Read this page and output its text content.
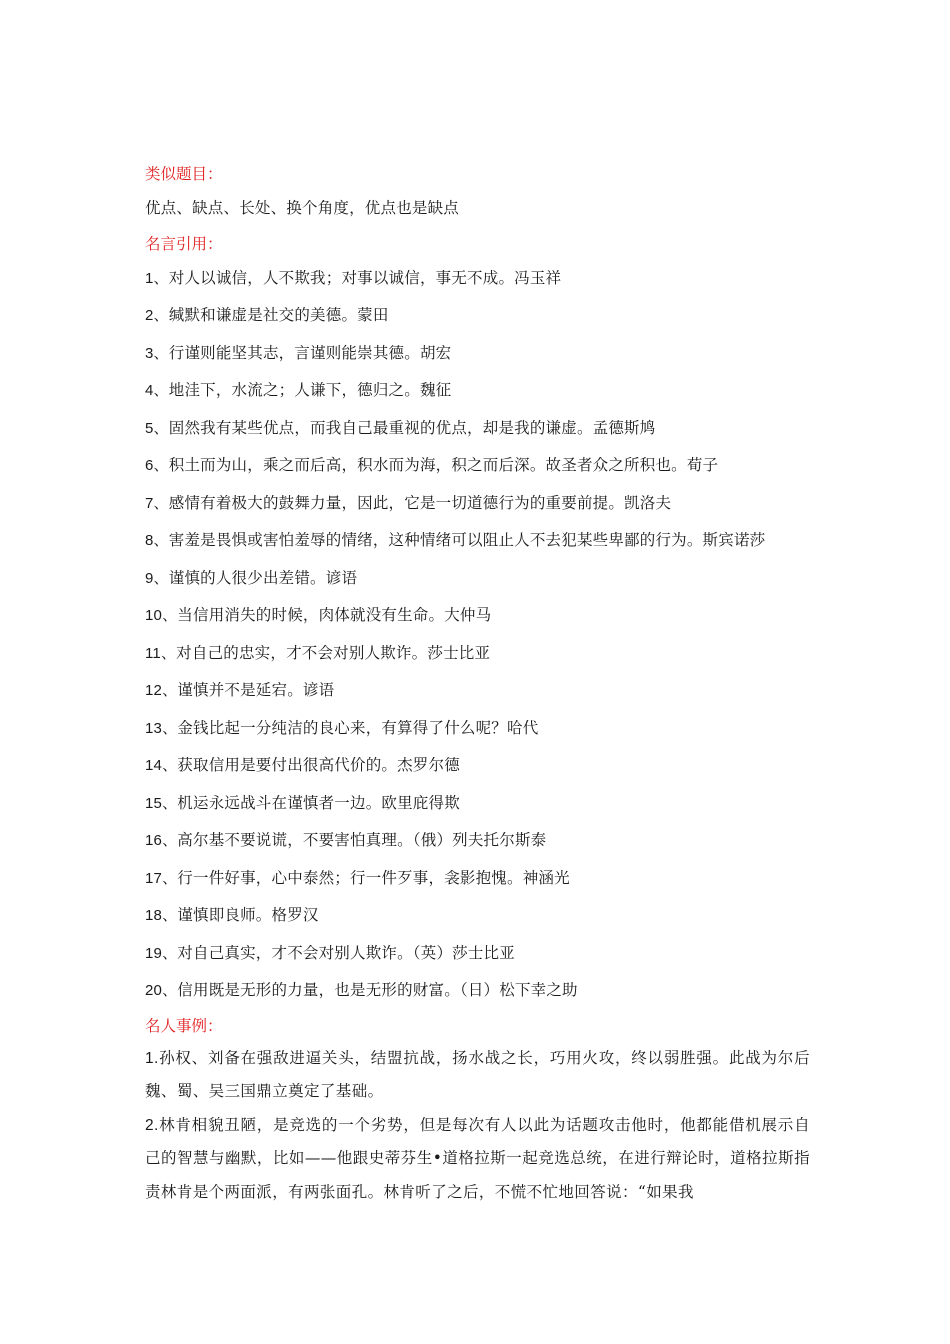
类似题目：
优点、缺点、长处、换个角度，优点也是缺点
名言引用：
1、对人以诚信，人不欺我；对事以诚信，事无不成。冯玉祥
2、缄默和谦虚是社交的美德。蒙田
3、行谨则能坚其志，言谨则能崇其德。胡宏
4、地洼下，水流之；人谦下，德归之。魏征
5、固然我有某些优点，而我自己最重视的优点，却是我的谦虚。孟德斯鸠
6、积土而为山，乘之而后高，积水而为海，积之而后深。故圣者众之所积也。荀子
7、感情有着极大的鼓舞力量，因此，它是一切道德行为的重要前提。凯洛夫
8、害羞是畏惧或害怕羞辱的情绪，这种情绪可以阻止人不去犯某些卑鄙的行为。斯宾诺莎
9、谨慎的人很少出差错。谚语
10、当信用消失的时候，肉体就没有生命。大仲马
11、对自己的忠实，才不会对别人欺诈。莎士比亚
12、谨慎并不是延宕。谚语
13、金钱比起一分纯洁的良心来，有算得了什么呢？哈代
14、获取信用是要付出很高代价的。杰罗尔德
15、机运永远战斗在谨慎者一边。欧里庇得欺
16、高尔基不要说谎，不要害怕真理。（俄）列夫托尔斯泰
17、行一件好事，心中泰然；行一件歹事，衾影抱愧。神涵光
18、谨慎即良师。格罗汉
19、对自己真实，才不会对别人欺诈。（英）莎士比亚
20、信用既是无形的力量，也是无形的财富。（日）松下幸之助
名人事例：

1.孙权、刘备在强敌进逼关头，结盟抗战，扬水战之长，巧用火攻，终以弱胜强。此战为尔后魏、蜀、吴三国鼎立奠定了基础。

2.林肯相貌丑陋，是竞选的一个劣势，但是每次有人以此为话题攻击他时，他都能借机展示自己的智慧与幽默，比如——他跟史蒂芬生•道格拉斯一起竞选总统，在进行辩论时，道格拉斯指责林肯是个两面派，有两张面孔。林肯听了之后，不慌不忙地回答说：“如果我
